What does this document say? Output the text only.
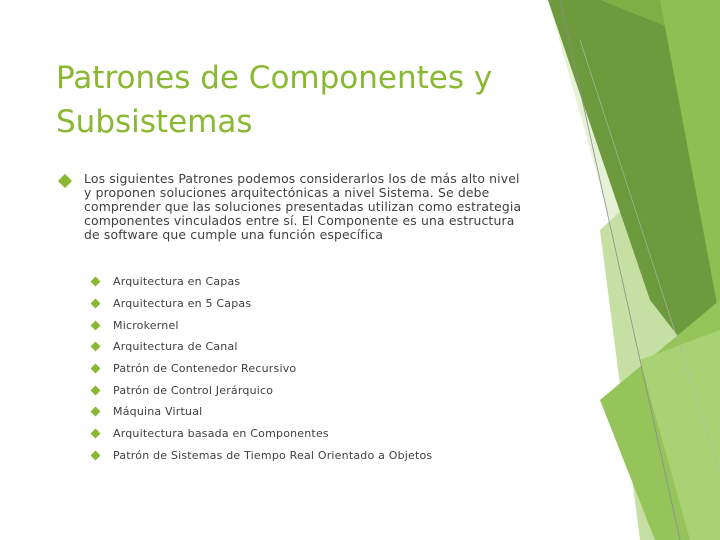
Patrones de Componentes y Subsistemas
Los siguientes Patrones podemos considerarlos los de más alto nivel y proponen soluciones arquitectónicas a nivel Sistema. Se debe comprender que las soluciones presentadas utilizan como estrategia componentes vinculados entre sí. El Componente es una estructura de software que cumple una función específica
Arquitectura en Capas
Arquitectura en 5 Capas
Microkernel
Arquitectura de Canal
Patrón de Contenedor Recursivo
Patrón de Control Jerárquico
Máquina Virtual
Arquitectura basada en Componentes
Patrón de Sistemas de Tiempo Real Orientado a Objetos
